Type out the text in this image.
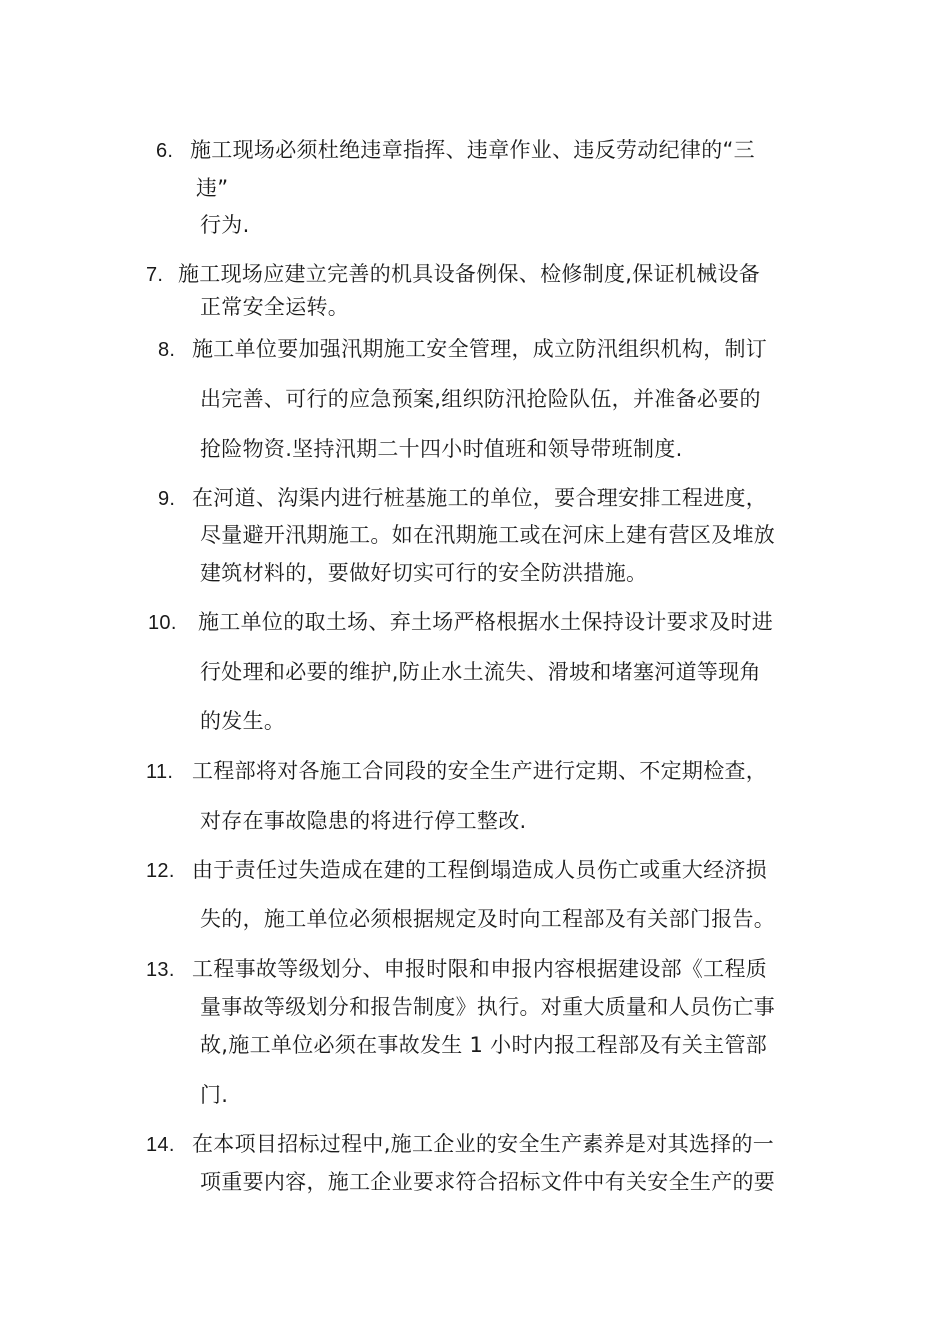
6. 施工现场必须杜绝违章指挥、违章作业、违反劳动纪律的“三
违”
行为.
7. 施工现场应建立完善的机具设备例保、检修制度,保证机械设备
正常安全运转。
8. 施工单位要加强汛期施工安全管理，成立防汛组织机构，制订
出完善、可行的应急预案,组织防汛抢险队伍，并准备必要的
抢险物资.坚持汛期二十四小时值班和领导带班制度.
9. 在河道、沟渠内进行桩基施工的单位，要合理安排工程进度，
尽量避开汛期施工。如在汛期施工或在河床上建有营区及堆放
建筑材料的，要做好切实可行的安全防洪措施。
10. 施工单位的取土场、弃土场严格根据水土保持设计要求及时进
行处理和必要的维护,防止水土流失、滑坡和堵塞河道等现角
的发生。
11. 工程部将对各施工合同段的安全生产进行定期、不定期检查，
对存在事故隐患的将进行停工整改.
12. 由于责任过失造成在建的工程倒塌造成人员伤亡或重大经济损
失的，施工单位必须根据规定及时向工程部及有关部门报告。
13. 工程事故等级划分、申报时限和申报内容根据建设部《工程质
量事故等级划分和报告制度》执行。对重大质量和人员伤亡事
故,施工单位必须在事故发生 1 小时内报工程部及有关主管部
门.
14. 在本项目招标过程中,施工企业的安全生产素养是对其选择的一
项重要内容，施工企业要求符合招标文件中有关安全生产的要
